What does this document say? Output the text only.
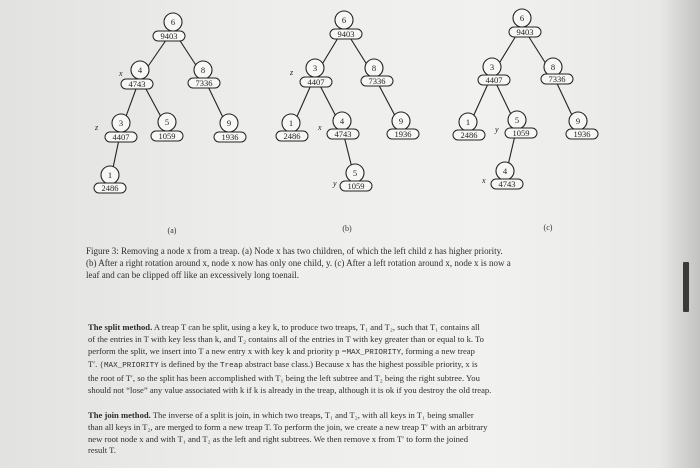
6
9403
4
4743
x	8
7336
3
4407
z
5
1059
9
1936
1
2486
6
9403
3
4407
z	8
7336
1
2486
4
4743
x
9
1936
5
1059
y
6
9403
3
4407
8
7336
1
2486
5
1059
y
9
1936
4
4743
x
(a)	(b)	(c)
Figure 3: Removing a node x from a treap. (a) Node x has two children, of which the left child z has higher priority.
(b) After a right rotation around x, node x now has only one child, y. (c) After a left rotation around x, node x is now a
leaf and can be clipped off like an excessively long toenail.
The split method. A treap T can be split, using a key k, to produce two treaps, T₁ and T₂, such that T₁ contains all
of the entries in T with key less than k, and T₂ contains all of the entries in T with key greater than or equal to k. To
perform the split, we insert into T a new entry x with key k and priority p =MAX_PRIORITY, forming a new treap
T′. (MAX_PRIORITY is defined by the Treap abstract base class.) Because x has the highest possible priority, x is
the root of T′, so the split has been accomplished with T₁ being the left subtree and T₂ being the right subtree. You
should not “lose” any value associated with k if k is already in the treap, although it is ok if you destroy the old treap.
The join method. The inverse of a split is join, in which two treaps, T₁ and T₂, with all keys in T₁ being smaller
than all keys in T₂, are merged to form a new treap T. To perform the join, we create a new treap T′ with an arbitrary
new root node x and with T₁ and T₂ as the left and right subtrees. We then remove x from T′ to form the joined
result T.
